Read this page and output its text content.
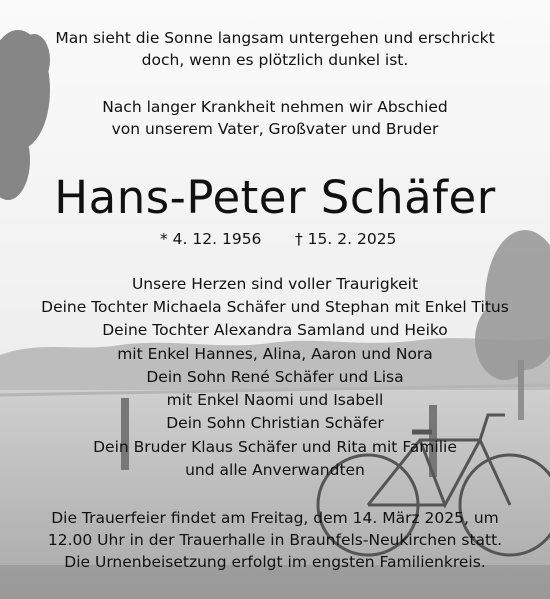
Man sieht die Sonne langsam untergehen und erschrickt
doch, wenn es plötzlich dunkel ist.
Nach langer Krankheit nehmen wir Abschied
von unserem Vater, Großvater und Bruder
Hans-Peter Schäfer
* 4. 12. 1956 † 15. 2. 2025
Unsere Herzen sind voller Traurigkeit
Deine Tochter Michaela Schäfer und Stephan mit Enkel Titus
Deine Tochter Alexandra Samland und Heiko
mit Enkel Hannes, Alina, Aaron und Nora
Dein Sohn René Schäfer und Lisa
mit Enkel Naomi und Isabell
Dein Sohn Christian Schäfer
Dein Bruder Klaus Schäfer und Rita mit Familie
und alle Anverwandten
Die Trauerfeier findet am Freitag, dem 14. März 2025, um
12.00 Uhr in der Trauerhalle in Braunfels-Neukirchen statt.
Die Urnenbeisetzung erfolgt im engsten Familienkreis.
